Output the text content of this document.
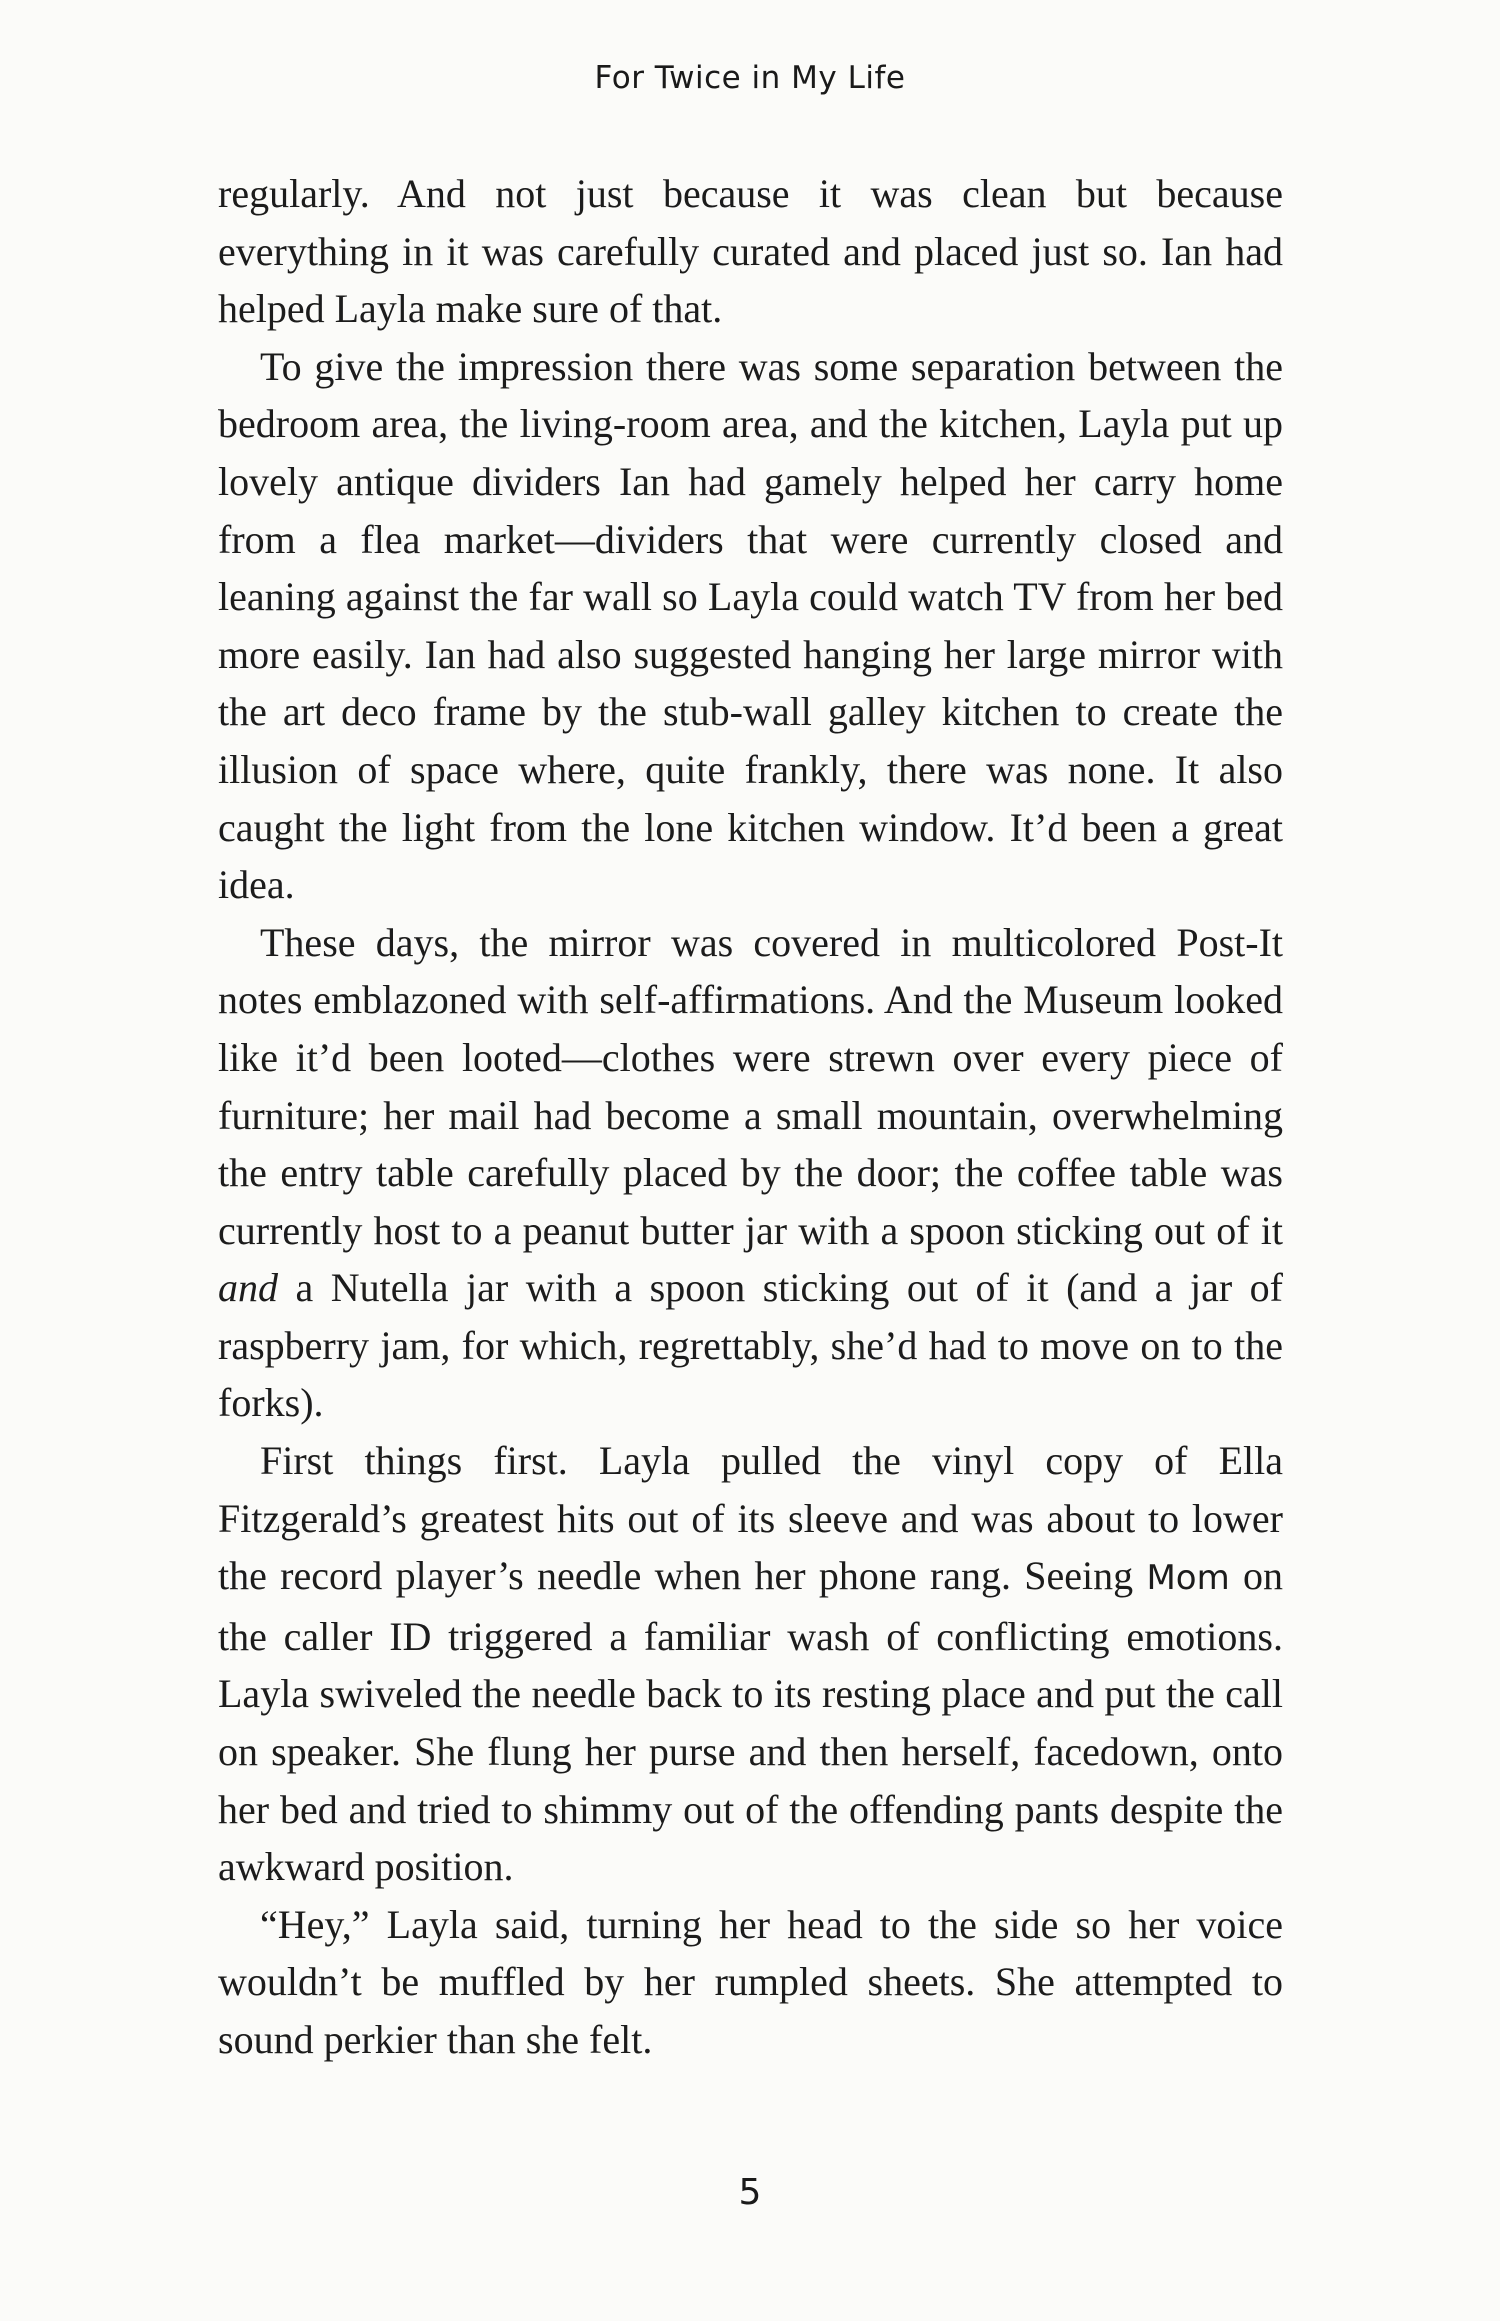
For Twice in My Life

regularly. And not just because it was clean but because everything in it was carefully curated and placed just so. Ian had helped Layla make sure of that.

To give the impression there was some separation between the bedroom area, the living-room area, and the kitchen, Layla put up lovely antique dividers Ian had gamely helped her carry home from a flea market—dividers that were currently closed and leaning against the far wall so Layla could watch TV from her bed more easily. Ian had also suggested hanging her large mirror with the art deco frame by the stub-wall galley kitchen to create the illusion of space where, quite frankly, there was none. It also caught the light from the lone kitchen window. It’d been a great idea.

These days, the mirror was covered in multicolored Post-It notes emblazoned with self-affirmations. And the Museum looked like it’d been looted—clothes were strewn over every piece of furniture; her mail had become a small mountain, overwhelming the entry table carefully placed by the door; the coffee table was currently host to a peanut butter jar with a spoon sticking out of it and a Nutella jar with a spoon sticking out of it (and a jar of raspberry jam, for which, regrettably, she’d had to move on to the forks).

First things first. Layla pulled the vinyl copy of Ella Fitzgerald’s greatest hits out of its sleeve and was about to lower the record player’s needle when her phone rang. Seeing Mom on the caller ID triggered a familiar wash of conflicting emotions. Layla swiveled the needle back to its resting place and put the call on speaker. She flung her purse and then herself, facedown, onto her bed and tried to shimmy out of the offending pants despite the awkward position.

“Hey,” Layla said, turning her head to the side so her voice wouldn’t be muffled by her rumpled sheets. She attempted to sound perkier than she felt.

5
